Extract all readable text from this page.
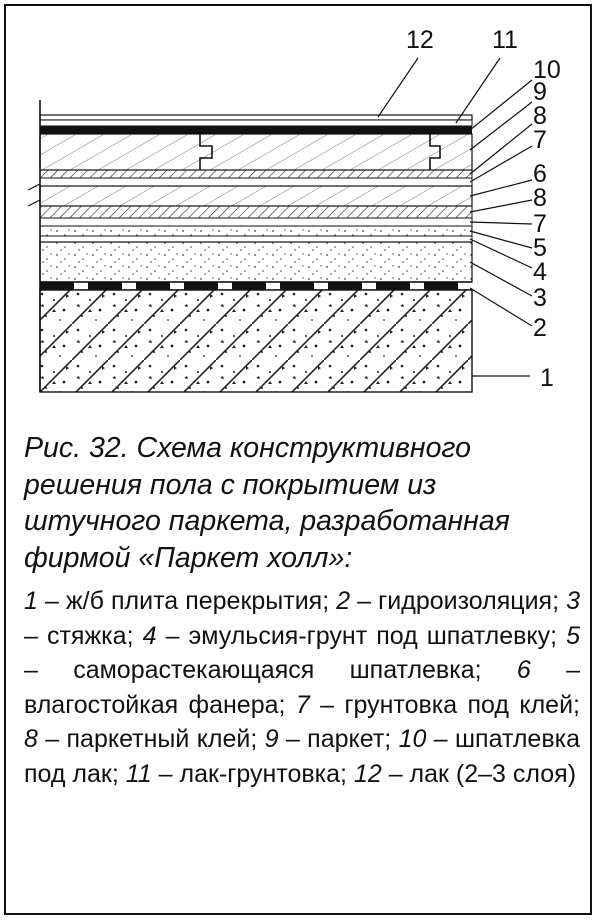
12 11
10
9
8
7
6
8
7
5
4
3
2
1

Рис. 32. Схема конструктивного решения пола с покрытием из штучного паркета, разработанная фирмой «Паркет холл»:

1 – ж/б плита перекрытия; 2 – гидроизоляция; 3 – стяжка; 4 – эмульсия-грунт под шпатлевку; 5 – саморастекающаяся шпатлевка; 6 – влагостойкая фанера; 7 – грунтовка под клей; 8 – паркетный клей; 9 – паркет; 10 – шпатлевка под лак; 11 – лак-грунтовка; 12 – лак (2–3 слоя)
